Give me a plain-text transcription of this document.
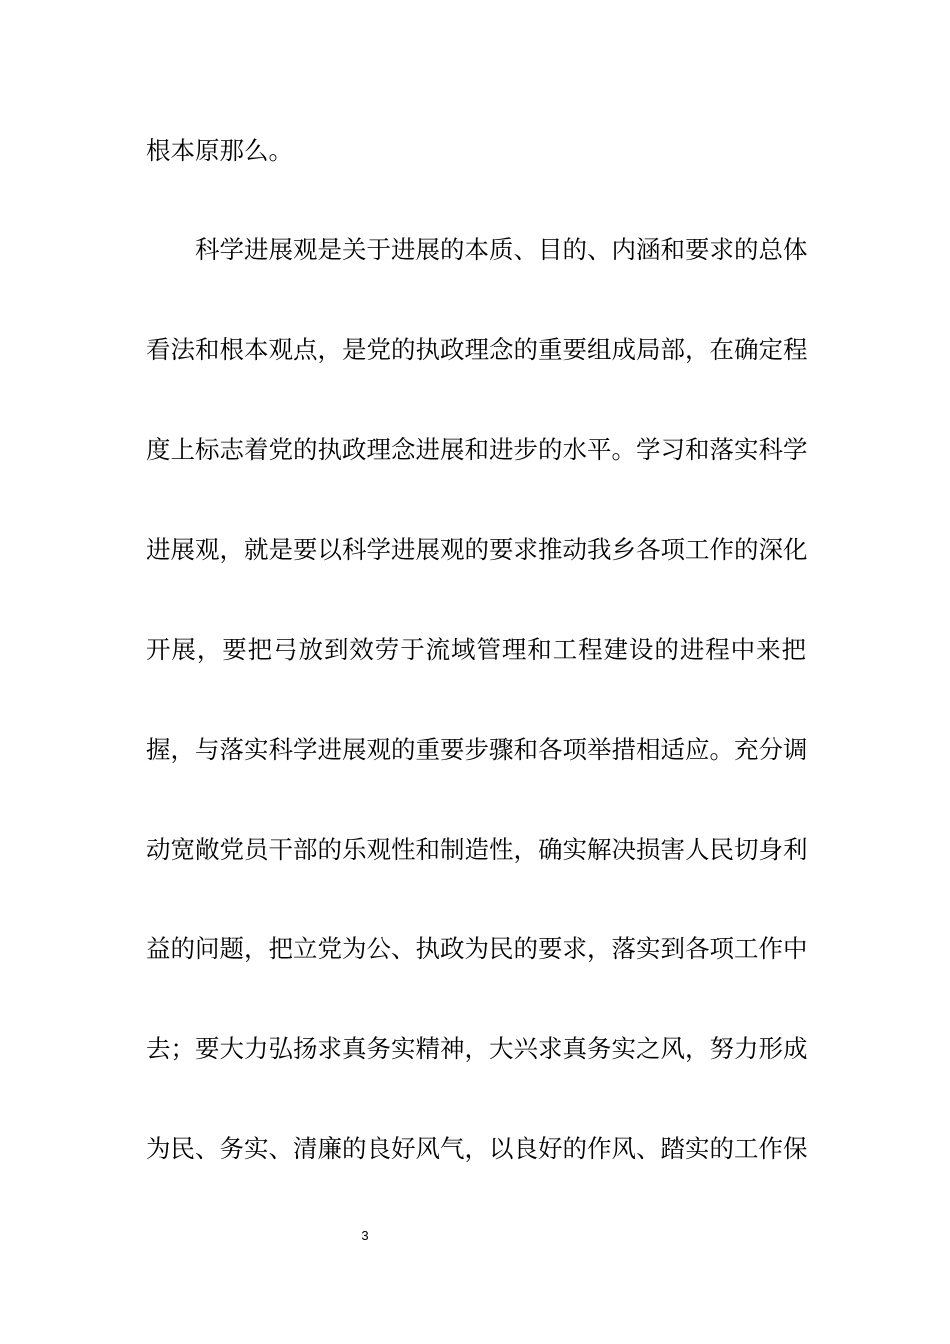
根本原那么。
科学进展观是关于进展的本质、目的、内涵和要求的总体
看法和根本观点，是党的执政理念的重要组成局部，在确定程
度上标志着党的执政理念进展和进步的水平。学习和落实科学
进展观，就是要以科学进展观的要求推动我乡各项工作的深化
开展，要把弓放到效劳于流域管理和工程建设的进程中来把
握，与落实科学进展观的重要步骤和各项举措相适应。充分调
动宽敞党员干部的乐观性和制造性，确实解决损害人民切身利
益的问题，把立党为公、执政为民的要求，落实到各项工作中
去；要大力弘扬求真务实精神，大兴求真务实之风，努力形成
为民、务实、清廉的良好风气，以良好的作风、踏实的工作保
3
